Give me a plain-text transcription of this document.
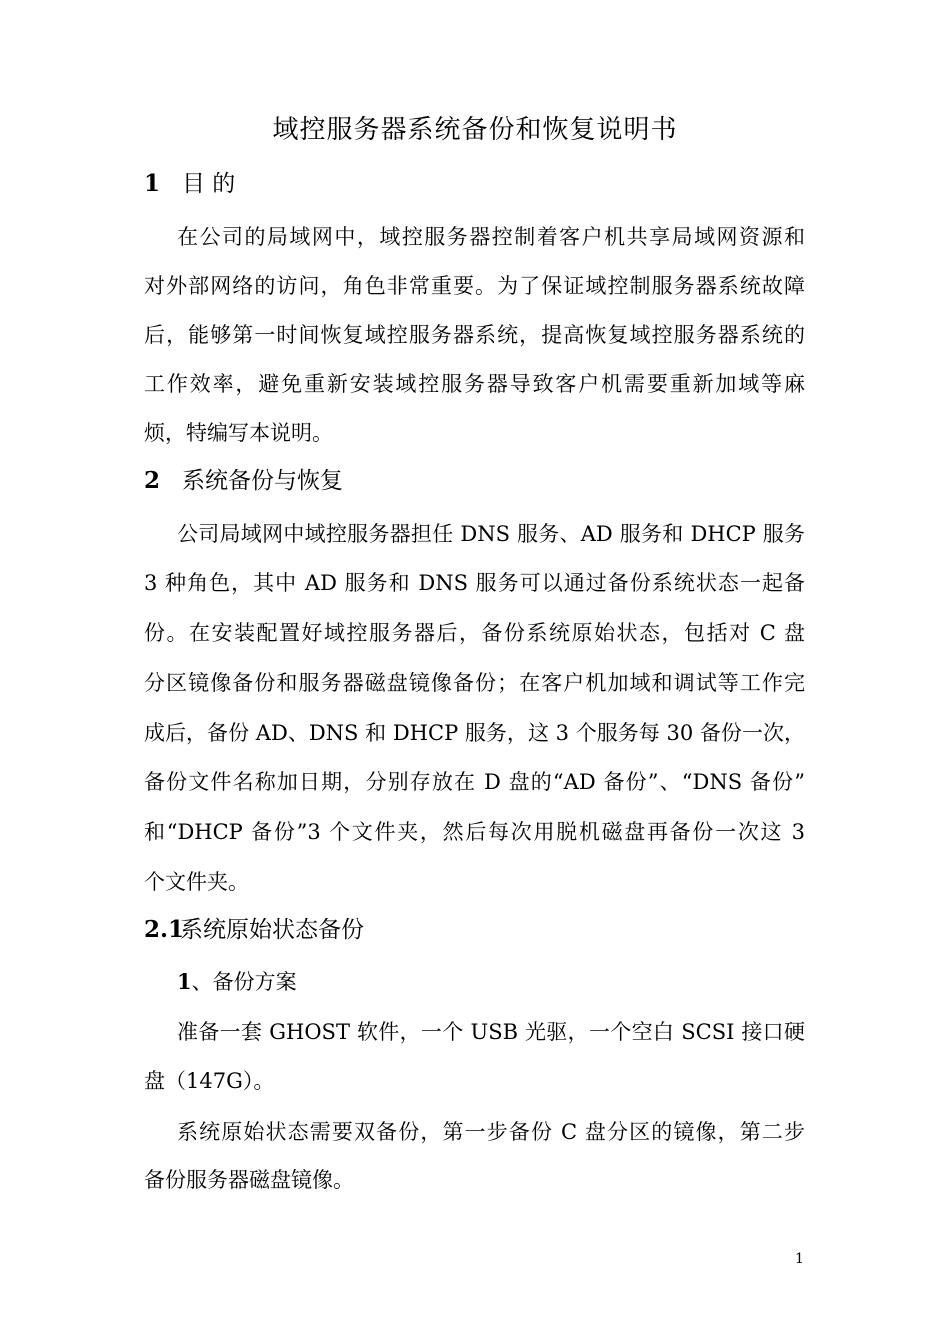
域控服务器系统备份和恢复说明书
1 目 的
在公司的局域网中，域控服务器控制着客户机共享局域网资源和
对外部网络的访问，角色非常重要。为了保证域控制服务器系统故障
后，能够第一时间恢复域控服务器系统，提高恢复域控服务器系统的
工作效率，避免重新安装域控服务器导致客户机需要重新加域等麻
烦，特编写本说明。
2 系统备份与恢复
公司局域网中域控服务器担任 DNS 服务、AD 服务和 DHCP 服务
3 种角色，其中 AD 服务和 DNS 服务可以通过备份系统状态一起备
份。在安装配置好域控服务器后，备份系统原始状态，包括对 C 盘
分区镜像备份和服务器磁盘镜像备份；在客户机加域和调试等工作完
成后，备份 AD、DNS 和 DHCP 服务，这 3 个服务每 30 备份一次，
备份文件名称加日期，分别存放在 D 盘的“AD 备份”、“DNS 备份”
和“DHCP 备份”3 个文件夹，然后每次用脱机磁盘再备份一次这 3
个文件夹。
2.1系统原始状态备份
1、备份方案
准备一套 GHOST 软件，一个 USB 光驱，一个空白 SCSI 接口硬
盘（147G）。
系统原始状态需要双备份，第一步备份 C 盘分区的镜像，第二步
备份服务器磁盘镜像。
1
